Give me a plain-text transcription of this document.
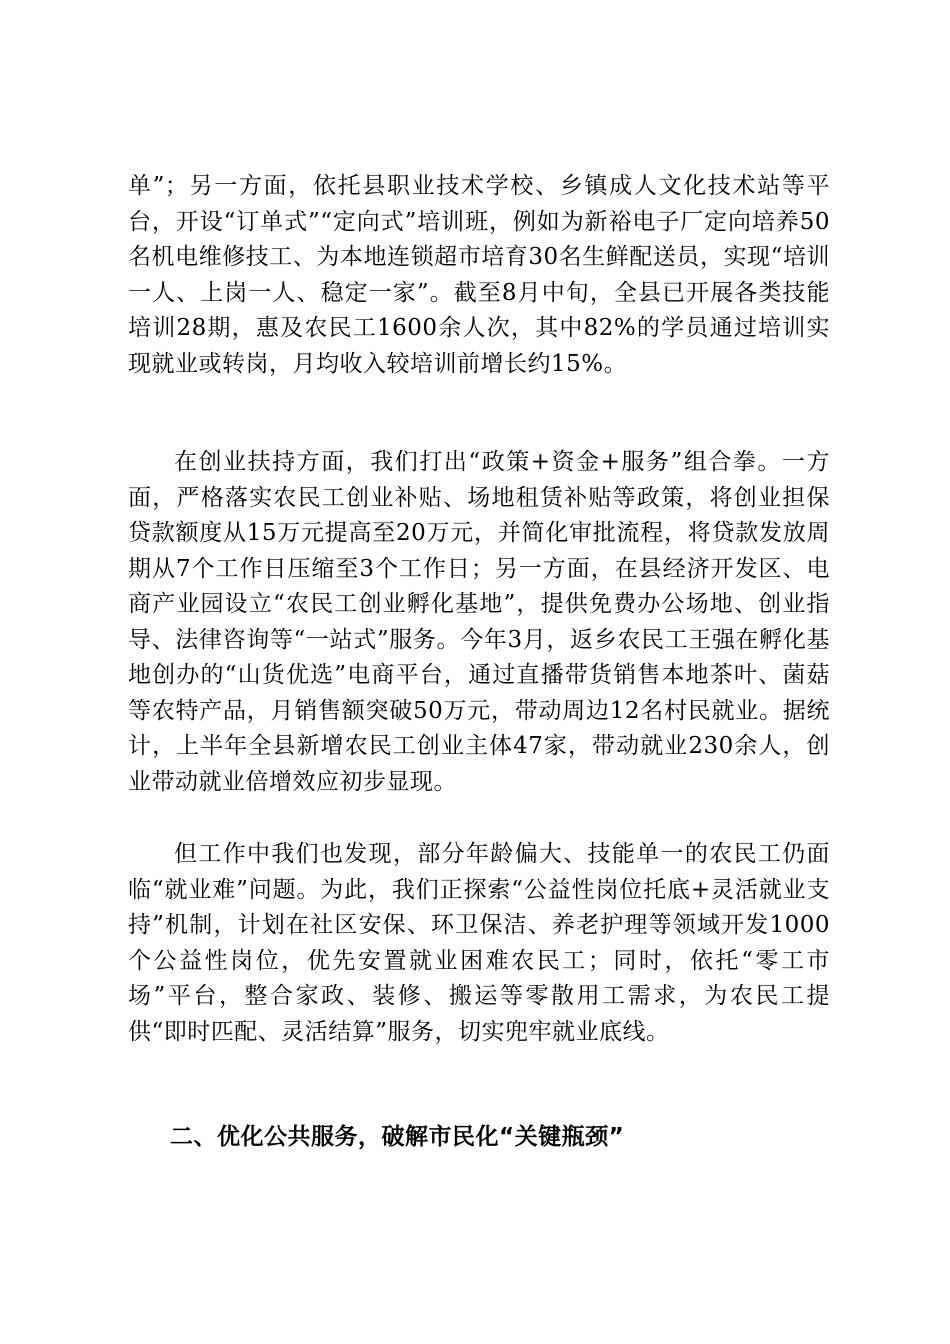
单”；另一方面，依托县职业技术学校、乡镇成人文化技术站等平台，开设“订单式”“定向式”培训班，例如为新裕电子厂定向培养50名机电维修技工、为本地连锁超市培育30名生鲜配送员，实现“培训一人、上岗一人、稳定一家”。截至8月中旬，全县已开展各类技能培训28期，惠及农民工1600余人次，其中82%的学员通过培训实现就业或转岗，月均收入较培训前增长约15%。

在创业扶持方面，我们打出“政策+资金+服务”组合拳。一方面，严格落实农民工创业补贴、场地租赁补贴等政策，将创业担保贷款额度从15万元提高至20万元，并简化审批流程，将贷款发放周期从7个工作日压缩至3个工作日；另一方面，在县经济开发区、电商产业园设立“农民工创业孵化基地”，提供免费办公场地、创业指导、法律咨询等“一站式”服务。今年3月，返乡农民工王强在孵化基地创办的“山货优选”电商平台，通过直播带货销售本地茶叶、菌菇等农特产品，月销售额突破50万元，带动周边12名村民就业。据统计，上半年全县新增农民工创业主体47家，带动就业230余人，创业带动就业倍增效应初步显现。

但工作中我们也发现，部分年龄偏大、技能单一的农民工仍面临“就业难”问题。为此，我们正探索“公益性岗位托底+灵活就业支持”机制，计划在社区安保、环卫保洁、养老护理等领域开发1000个公益性岗位，优先安置就业困难农民工；同时，依托“零工市场”平台，整合家政、装修、搬运等零散用工需求，为农民工提供“即时匹配、灵活结算”服务，切实兜牢就业底线。

二、优化公共服务，破解市民化“关键瓶颈”
